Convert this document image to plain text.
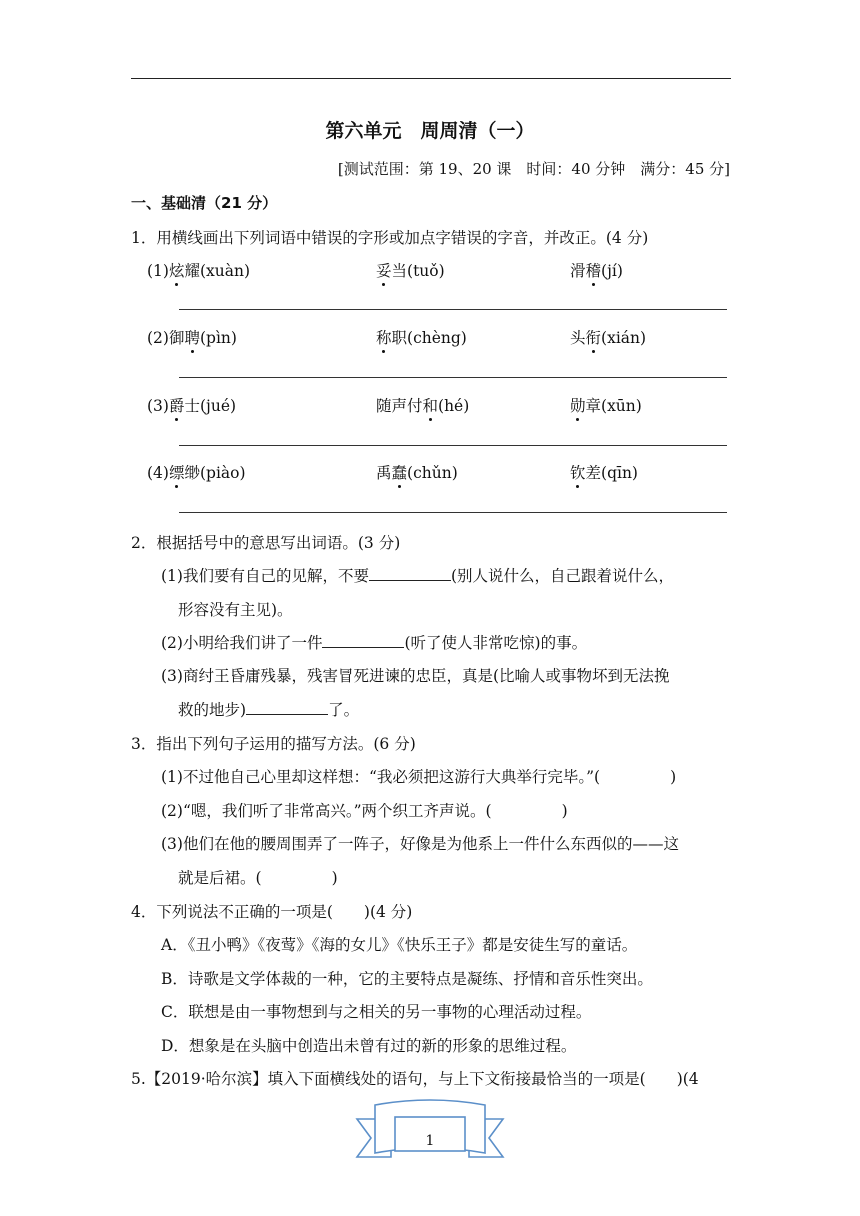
第六单元　周周清（一）
[测试范围：第 19、20 课　时间：40 分钟　满分：45 分]
一、基础清（21 分）
1．用横线画出下列词语中错误的字形或加点字错误的字音，并改正。(4 分)
(1)炫耀(xuàn)	妥当(tuǒ)	滑稽(jí)
(2)御聘(pìn)	称职(chèng)	头衔(xián)
(3)爵士(jué)	随声付和(hé)	勋章(xūn)
(4)缥缈(piào)	禹蠢(chǔn)	钦差(qīn)
2．根据括号中的意思写出词语。(3 分)
(1)我们要有自己的见解，不要	(别人说什么，自己跟着说什么，
形容没有主见)。
(2)小明给我们讲了一件	(听了使人非常吃惊)的事。
(3)商纣王昏庸残暴，残害冒死进谏的忠臣，真是(比喻人或事物坏到无法挽
救的地步)	了。
3．指出下列句子运用的描写方法。(6 分)
(1)不过他自己心里却这样想：“我必须把这游行大典举行完毕。”(	)
(2)“嗯，我们听了非常高兴。”两个织工齐声说。(	)
(3)他们在他的腰周围弄了一阵子，好像是为他系上一件什么东西似的——这
就是后裙。(	)
4．下列说法不正确的一项是(　　)(4 分)
A．《丑小鸭》《夜莺》《海的女儿》《快乐王子》都是安徒生写的童话。
B．诗歌是文学体裁的一种，它的主要特点是凝练、抒情和音乐性突出。
C．联想是由一事物想到与之相关的另一事物的心理活动过程。
D．想象是在头脑中创造出未曾有过的新的形象的思维过程。
5.【2019·哈尔滨】填入下面横线处的语句，与上下文衔接最恰当的一项是(　　)(4
1
